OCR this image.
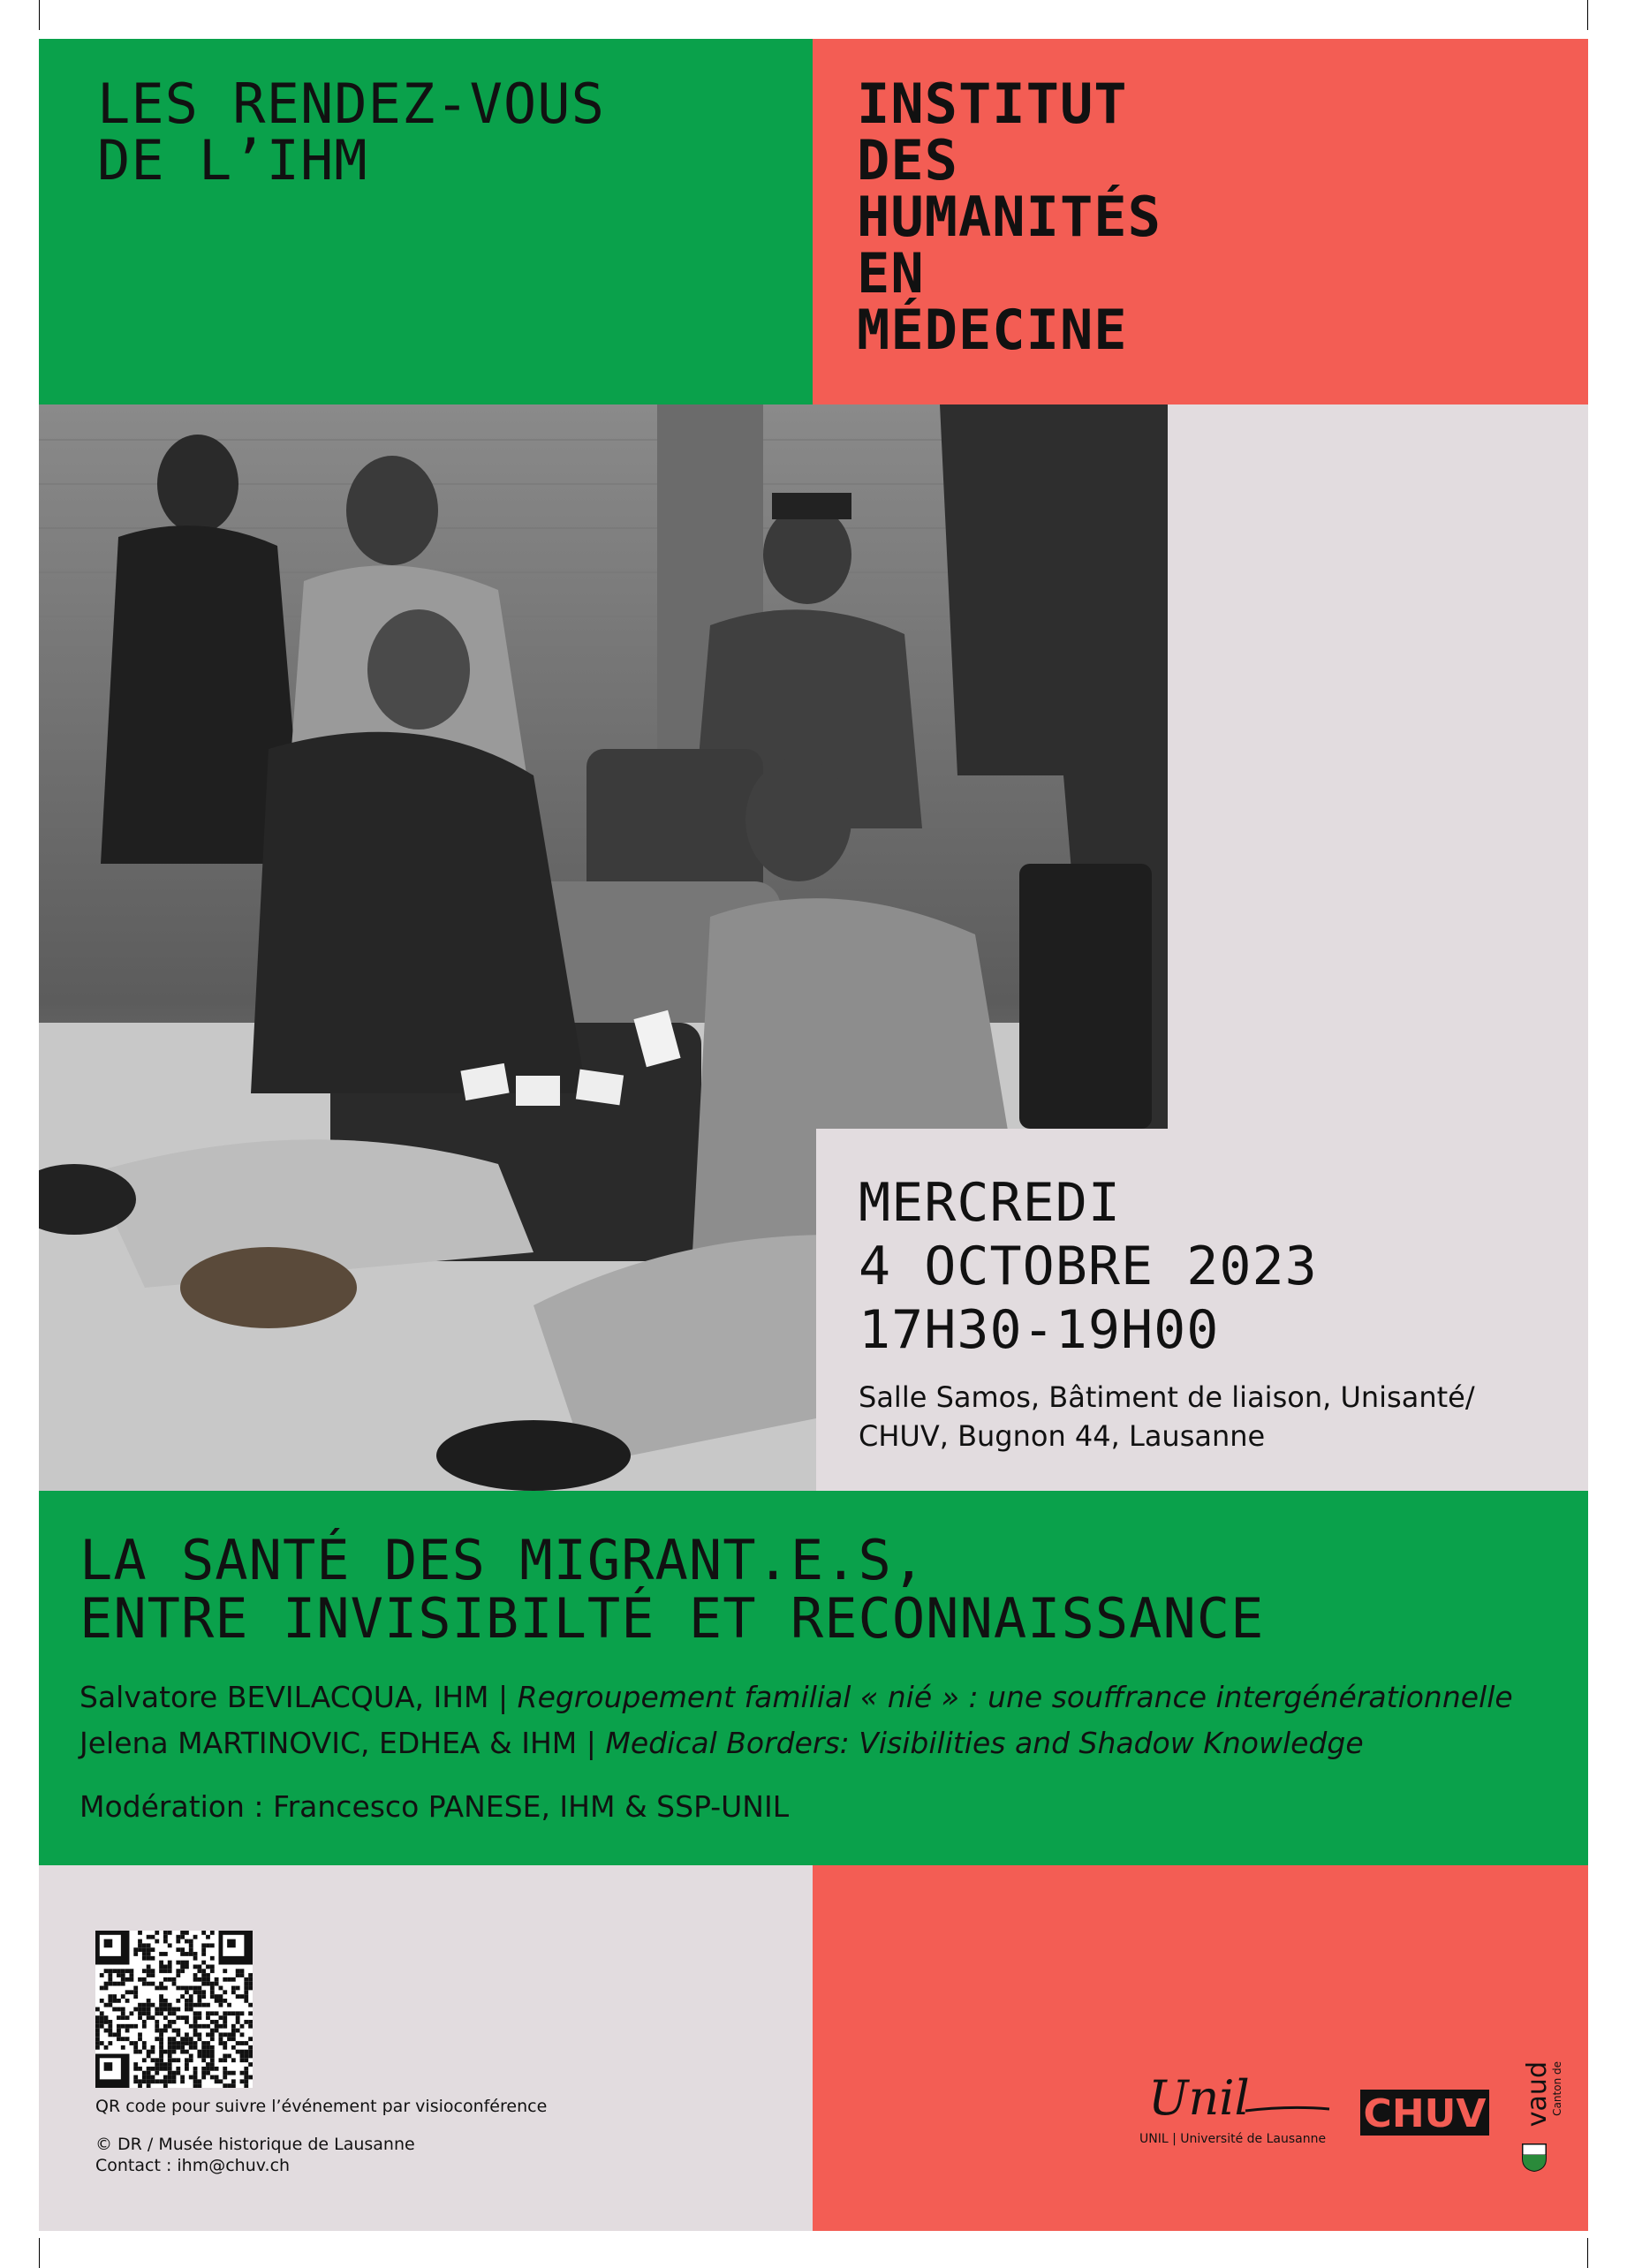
LES RENDEZ-VOUS
DE L’IHM
INSTITUT
DES
HUMANITÉS
EN
MÉDECINE
MERCREDI
4 OCTOBRE 2023
17H30-19H00
Salle Samos, Bâtiment de liaison, Unisanté/
CHUV, Bugnon 44, Lausanne
LA SANTÉ DES MIGRANT.E.S,
ENTRE INVISIBILTÉ ET RECONNAISSANCE
Salvatore BEVILACQUA, IHM | Regroupement familial « nié » : une souffrance intergénérationnelle
Jelena MARTINOVIC, EDHEA & IHM | Medical Borders: Visibilities and Shadow Knowledge
Modération : Francesco PANESE, IHM & SSP-UNIL
QR code pour suivre l’événement par visioconférence
© DR / Musée historique de Lausanne
Contact : ihm@chuv.ch
Unil
UNIL | Université de Lausanne
CHUV vaud
Canton de
